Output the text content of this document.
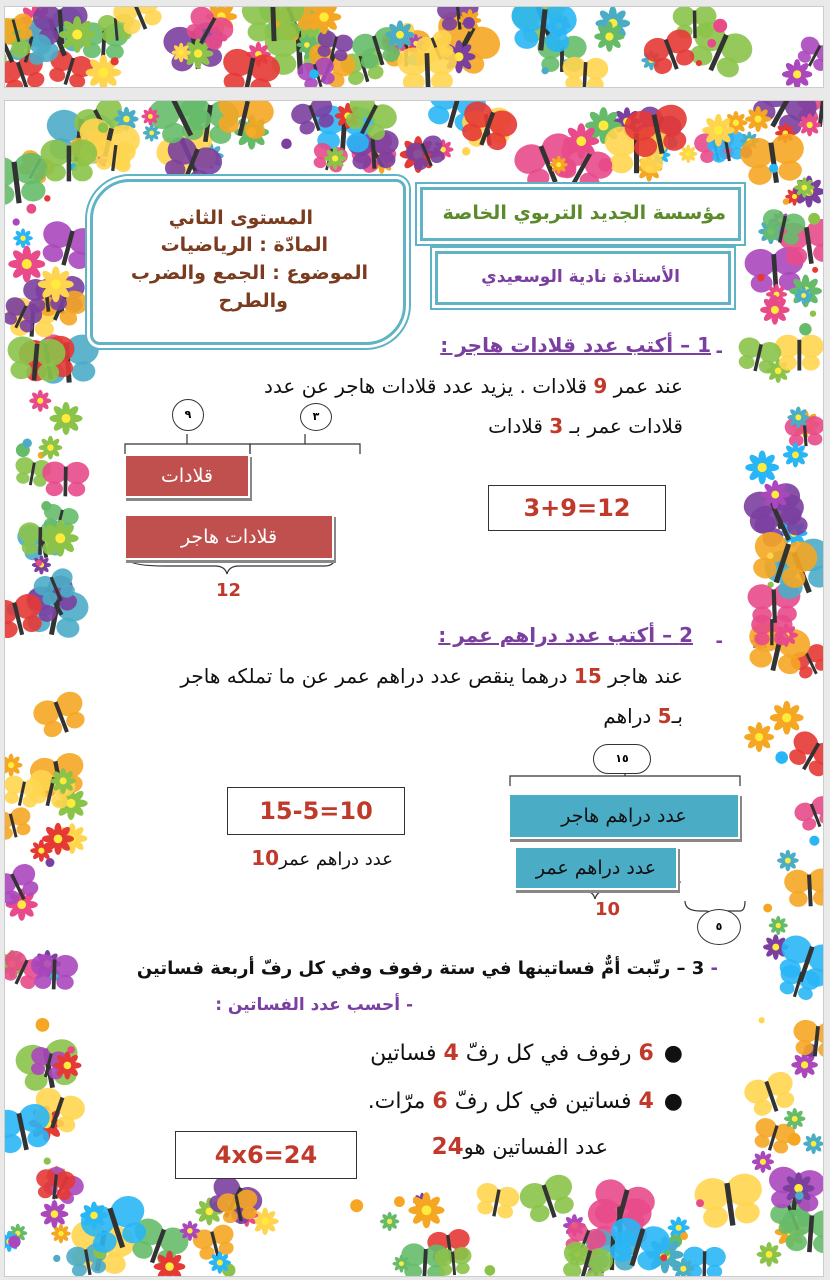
المستوى الثاني
المادّة : الرياضيات
الموضوع : الجمع والضرب
والطرح
مؤسسة الجديد التربوي الخاصة
الأستاذة نادية الوسعيدي
1 – أكتب عدد قلادات هاجر : -
عند عمر 9 قلادات . يزيد عدد قلادات هاجر عن عدد
قلادات عمر بـ 3 قلادات
٩	٣
قلادات
قلادات هاجر
12
3+9=12
2 – أكتب عدد دراهم عمر : -
عند هاجر 15 درهما ينقص عدد دراهم عمر عن ما تملكه هاجر
بـ5 دراهم
١٥
عدد دراهم هاجر
عدد دراهم عمر
10
٥
15-5=10
عدد دراهم عمر10
- 3 – رتّبت أمٌّ فساتينها في ستة رفوف وفي كل رفّ أربعة فساتين
- أحسب عدد الفساتين :
●6 رفوف في كل رفّ 4 فساتين
●4 فساتين في كل رفّ 6 مرّات.
عدد الفساتين هو24
4x6=24
